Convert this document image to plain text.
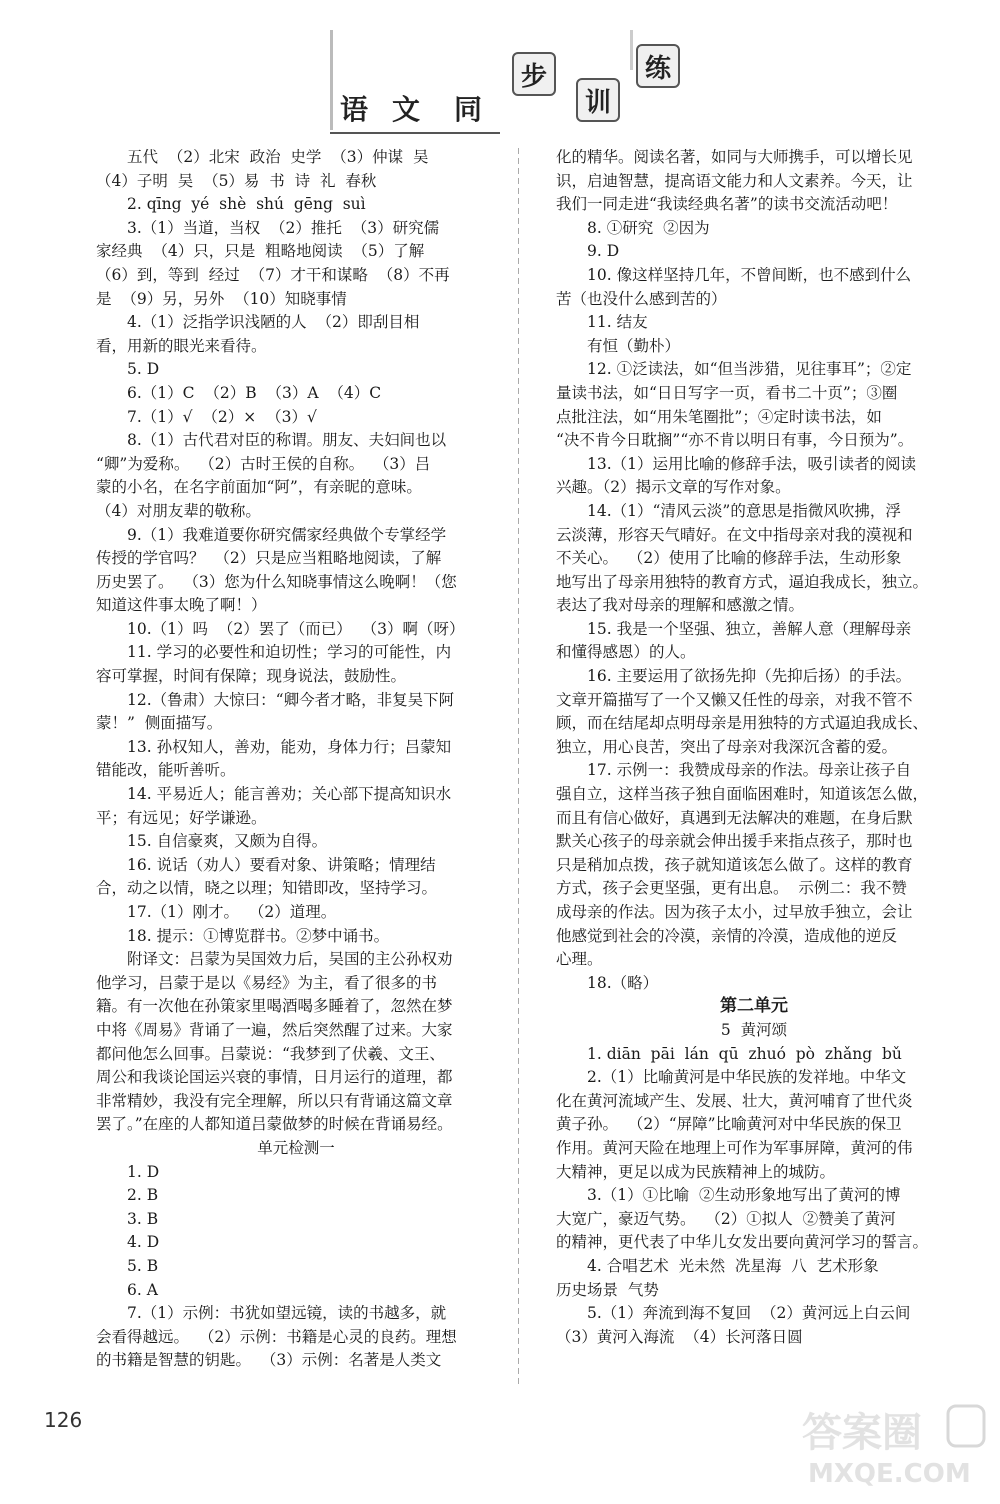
语 文 同
步
训
练

五代  （2）北宋  政治  史学  （3）仲谋  吴

（4）子明  吴  （5）易  书  诗  礼  春秋

2. qīng  yé  shè  shú  gēng  suì

3.（1）当道，当权  （2）推托  （3）研究儒

家经典  （4）只，只是  粗略地阅读  （5）了解

（6）到，等到  经过  （7）才干和谋略  （8）不再

是  （9）另，另外  （10）知晓事情

4.（1）泛指学识浅陋的人  （2）即刮目相

看，用新的眼光来看待。

5. D

6.（1）C  （2）B  （3）A  （4）C

7.（1）√  （2）×  （3）√

8.（1）古代君对臣的称谓。朋友、夫妇间也以

“卿”为爱称。  （2）古时王侯的自称。  （3）吕

蒙的小名，在名字前面加“阿”，有亲昵的意味。

（4）对朋友辈的敬称。

9.（1）我难道要你研究儒家经典做个专掌经学

传授的学官吗？  （2）只是应当粗略地阅读，了解

历史罢了。  （3）您为什么知晓事情这么晚啊！（您

知道这件事太晚了啊！）

10.（1）吗  （2）罢了（而已）  （3）啊（呀）

11. 学习的必要性和迫切性；学习的可能性，内

容可掌握，时间有保障；现身说法，鼓励性。

12.（鲁肃）大惊曰：“卿今者才略，非复吴下阿

蒙！”  侧面描写。

13. 孙权知人，善劝，能劝，身体力行；吕蒙知

错能改，能听善听。

14. 平易近人；能言善劝；关心部下提高知识水

平；有远见；好学谦逊。

15. 自信豪爽，又颇为自得。

16. 说话（劝人）要看对象、讲策略；情理结

合，动之以情，晓之以理；知错即改，坚持学习。

17.（1）刚才。  （2）道理。

18. 提示：①博览群书。②梦中诵书。

附译文：吕蒙为吴国效力后，吴国的主公孙权劝

他学习，吕蒙于是以《易经》为主，看了很多的书

籍。有一次他在孙策家里喝酒喝多睡着了，忽然在梦

中将《周易》背诵了一遍，然后突然醒了过来。大家

都问他怎么回事。吕蒙说：“我梦到了伏羲、文王、

周公和我谈论国运兴衰的事情，日月运行的道理，都

非常精妙，我没有完全理解，所以只有背诵这篇文章

罢了。”在座的人都知道吕蒙做梦的时候在背诵易经。

单元检测一

1. D

2. B

3. B

4. D

5. B

6. A

7.（1）示例：书犹如望远镜，读的书越多，就

会看得越远。  （2）示例：书籍是心灵的良药。理想

的书籍是智慧的钥匙。  （3）示例：名著是人类文

化的精华。阅读名著，如同与大师携手，可以增长见

识，启迪智慧，提高语文能力和人文素养。今天，让

我们一同走进“我读经典名著”的读书交流活动吧！

8. ①研究  ②因为

9. D

10. 像这样坚持几年，不曾间断，也不感到什么

苦（也没什么感到苦的）

11. 结友

有恒（勤朴）

12. ①泛读法，如“但当涉猎，见往事耳”；②定

量读书法，如“日日写字一页，看书二十页”；③圈

点批注法，如“用朱笔圈批”；④定时读书法，如

“决不肯今日耽搁”“亦不肯以明日有事，今日预为”。

13.（1）运用比喻的修辞手法，吸引读者的阅读

兴趣。（2）揭示文章的写作对象。

14.（1）“清风云淡”的意思是指微风吹拂，浮

云淡薄，形容天气晴好。在文中指母亲对我的漠视和

不关心。  （2）使用了比喻的修辞手法，生动形象

地写出了母亲用独特的教育方式，逼迫我成长，独立。

表达了我对母亲的理解和感激之情。

15. 我是一个坚强、独立，善解人意（理解母亲

和懂得感恩）的人。

16. 主要运用了欲扬先抑（先抑后扬）的手法。

文章开篇描写了一个又懒又任性的母亲，对我不管不

顾，而在结尾却点明母亲是用独特的方式逼迫我成长、

独立，用心良苦，突出了母亲对我深沉含蓄的爱。

17. 示例一：我赞成母亲的作法。母亲让孩子自

强自立，这样当孩子独自面临困难时，知道该怎么做，

而且有信心做好，真遇到无法解决的难题，在身后默

默关心孩子的母亲就会伸出援手来指点孩子，那时也

只是稍加点拨，孩子就知道该怎么做了。这样的教育

方式，孩子会更坚强，更有出息。  示例二：我不赞

成母亲的作法。因为孩子太小，过早放手独立，会让

他感觉到社会的冷漠，亲情的冷漠，造成他的逆反

心理。

18.（略）

第二单元

5  黄河颂

1. diān  pāi  lán  qū  zhuó  pò  zhǎng  bǔ

2.（1）比喻黄河是中华民族的发祥地。中华文

化在黄河流域产生、发展、壮大，黄河哺育了世代炎

黄子孙。  （2）“屏障”比喻黄河对中华民族的保卫

作用。黄河天险在地理上可作为军事屏障，黄河的伟

大精神，更足以成为民族精神上的城防。

3.（1）①比喻  ②生动形象地写出了黄河的博

大宽广，豪迈气势。  （2）①拟人  ②赞美了黄河

的精神，更代表了中华儿女发出要向黄河学习的誓言。

4. 合唱艺术  光未然  冼星海  八  艺术形象

历史场景  气势

5.（1）奔流到海不复回  （2）黄河远上白云间

（3）黄河入海流  （4）长河落日圆

126	答案圈
MXQE.COM
